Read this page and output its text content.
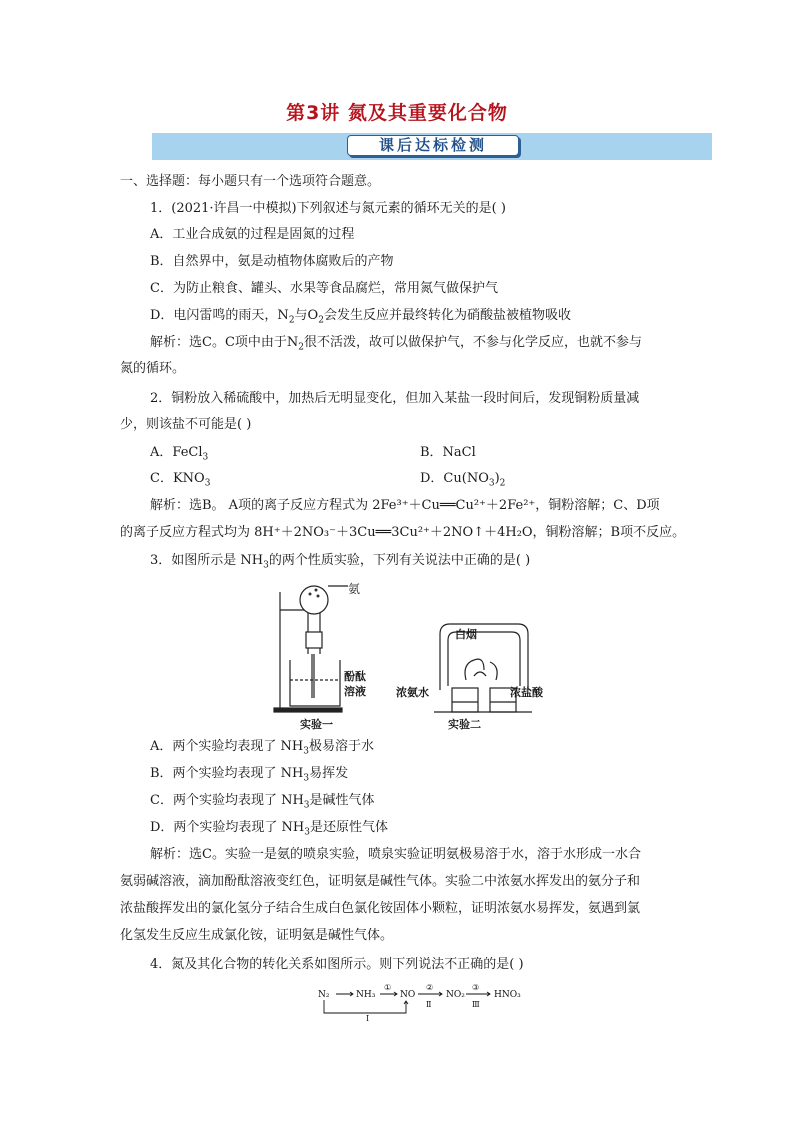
第3讲 氮及其重要化合物
课后达标检测
一、选择题：每小题只有一个选项符合题意。
1．(2021·许昌一中模拟)下列叙述与氮元素的循环无关的是( )
A．工业合成氨的过程是固氮的过程
B．自然界中，氨是动植物体腐败后的产物
C．为防止粮食、罐头、水果等食品腐烂，常用氮气做保护气
D．电闪雷鸣的雨天，$N_2$与$O_2$会发生反应并最终转化为硝酸盐被植物吸收
解析：选C。C项中由于$N_2$很不活泼，故可以做保护气，不参与化学反应，也就不参与
氮的循环。
2．铜粉放入稀硫酸中，加热后无明显变化，但加入某盐一段时间后，发现铜粉质量减
少，则该盐不可能是( )
A．FeCl$_3$	B．NaCl
C．$KNO_3$	D．$Cu(NO_3)_2$
解析：选B。 A项的离子反应方程式为 2Fe³⁺＋Cu══Cu²⁺＋2Fe²⁺，铜粉溶解；C、D项
的离子反应方程式均为 8H⁺＋2NO₃⁻＋3Cu══3Cu²⁺＋2NO↑＋4H₂O，铜粉溶解；B项不反应。
3．如图所示是 $NH_3$的两个性质实验，下列有关说法中正确的是( )
氨
酚酞
溶液
实验一
白烟
浓氨水	浓盐酸
实验二
A．两个实验均表现了 $NH_3$极易溶于水
B．两个实验均表现了 $NH_3$易挥发
C．两个实验均表现了 $NH_3$是碱性气体
D．两个实验均表现了 $NH_3$是还原性气体
解析：选C。实验一是氨的喷泉实验，喷泉实验证明氨极易溶于水，溶于水形成一水合
氨弱碱溶液，滴加酚酞溶液变红色，证明氨是碱性气体。实验二中浓氨水挥发出的氨分子和
浓盐酸挥发出的氯化氢分子结合生成白色氯化铵固体小颗粒，证明浓氨水易挥发，氨遇到氯
化氢发生反应生成氯化铵，证明氨是碱性气体。
4．氮及其化合物的转化关系如图所示。则下列说法不正确的是( )
N₂	NH₃	NO	NO₂	HNO₃
①	②	③
Ⅱ	Ⅲ
Ⅰ
